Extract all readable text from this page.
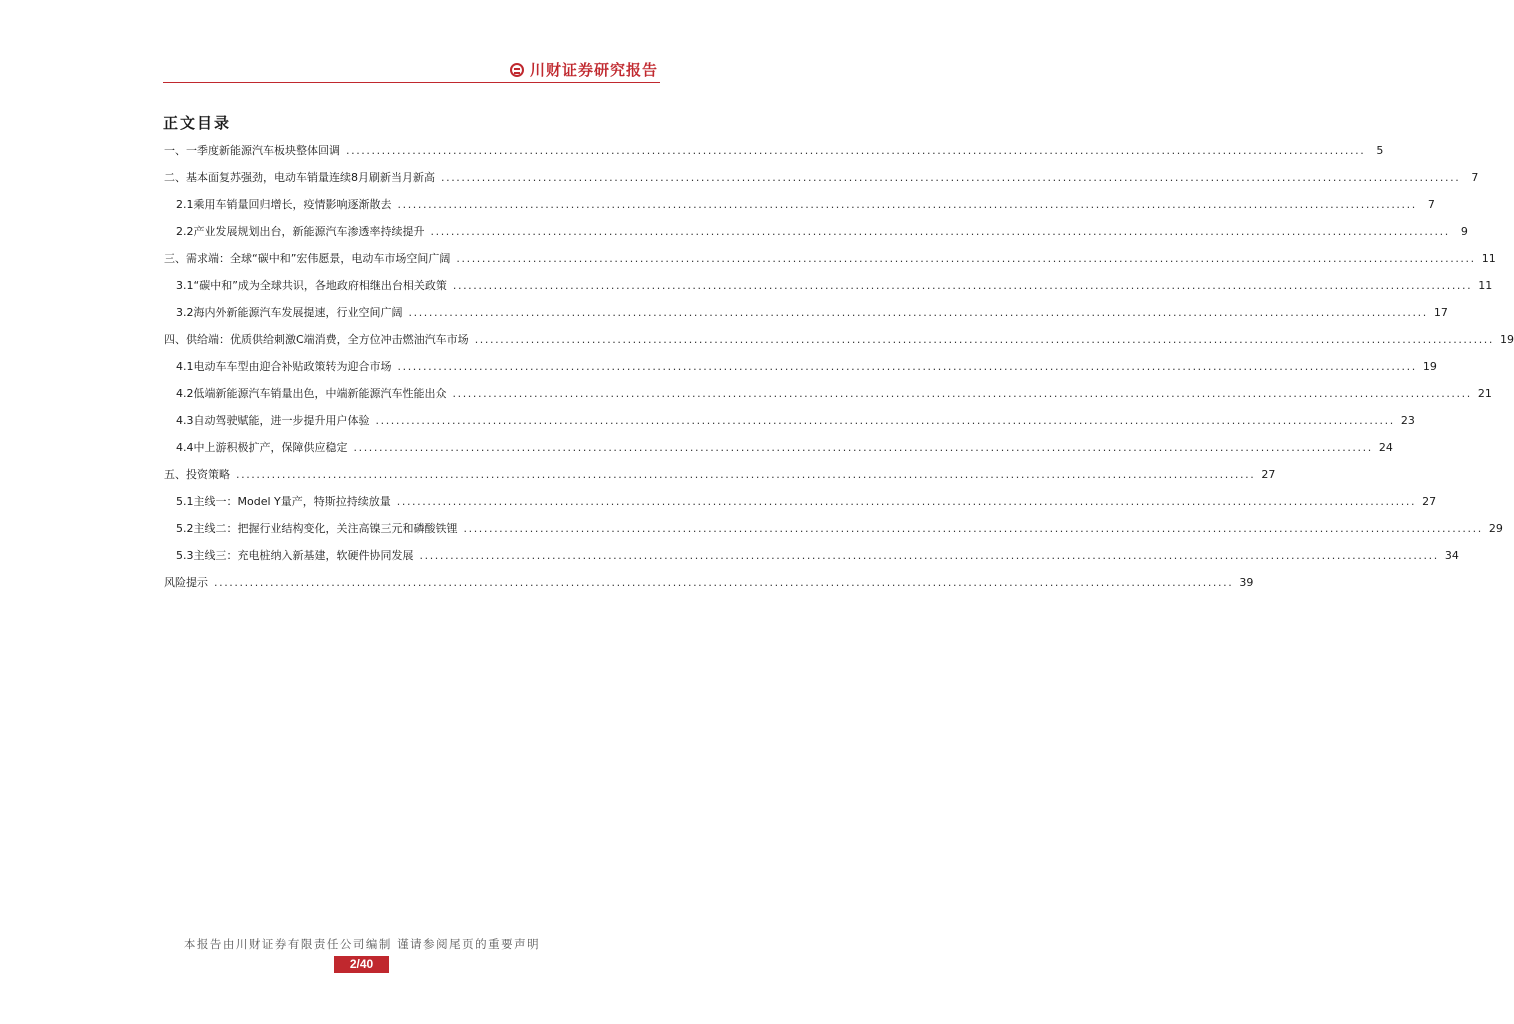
川财证券研究报告
正文目录
一、一季度新能源汽车板块整体回调 ........................................................................................................................................................................................................	5
二、基本面复苏强劲，电动车销量连续8月刷新当月新高 ........................................................................................................................................................................................................	7
2.1乘用车销量回归增长，疫情影响逐渐散去 ........................................................................................................................................................................................................	7
2.2产业发展规划出台，新能源汽车渗透率持续提升 ........................................................................................................................................................................................................	9
三、需求端：全球“碳中和”宏伟愿景，电动车市场空间广阔 ........................................................................................................................................................................................................ 11
3.1“碳中和”成为全球共识，各地政府相继出台相关政策 ........................................................................................................................................................................................................ 11
3.2海内外新能源汽车发展提速，行业空间广阔 ........................................................................................................................................................................................................ 17
四、供给端：优质供给刺激C端消费，全方位冲击燃油汽车市场 ........................................................................................................................................................................................................ 19
4.1电动车车型由迎合补贴政策转为迎合市场 ........................................................................................................................................................................................................ 19
4.2低端新能源汽车销量出色，中端新能源汽车性能出众 ........................................................................................................................................................................................................ 21
4.3自动驾驶赋能，进一步提升用户体验 ........................................................................................................................................................................................................ 23
4.4中上游积极扩产，保障供应稳定 ........................................................................................................................................................................................................ 24
五、投资策略 ........................................................................................................................................................................................................ 27
5.1主线一：Model Y量产，特斯拉持续放量 ........................................................................................................................................................................................................ 27
5.2主线二：把握行业结构变化，关注高镍三元和磷酸铁锂 ........................................................................................................................................................................................................ 29
5.3主线三：充电桩纳入新基建，软硬件协同发展 ........................................................................................................................................................................................................ 34
风险提示 ........................................................................................................................................................................................................ 39
本报告由川财证券有限责任公司编制 谨请参阅尾页的重要声明
2/40
